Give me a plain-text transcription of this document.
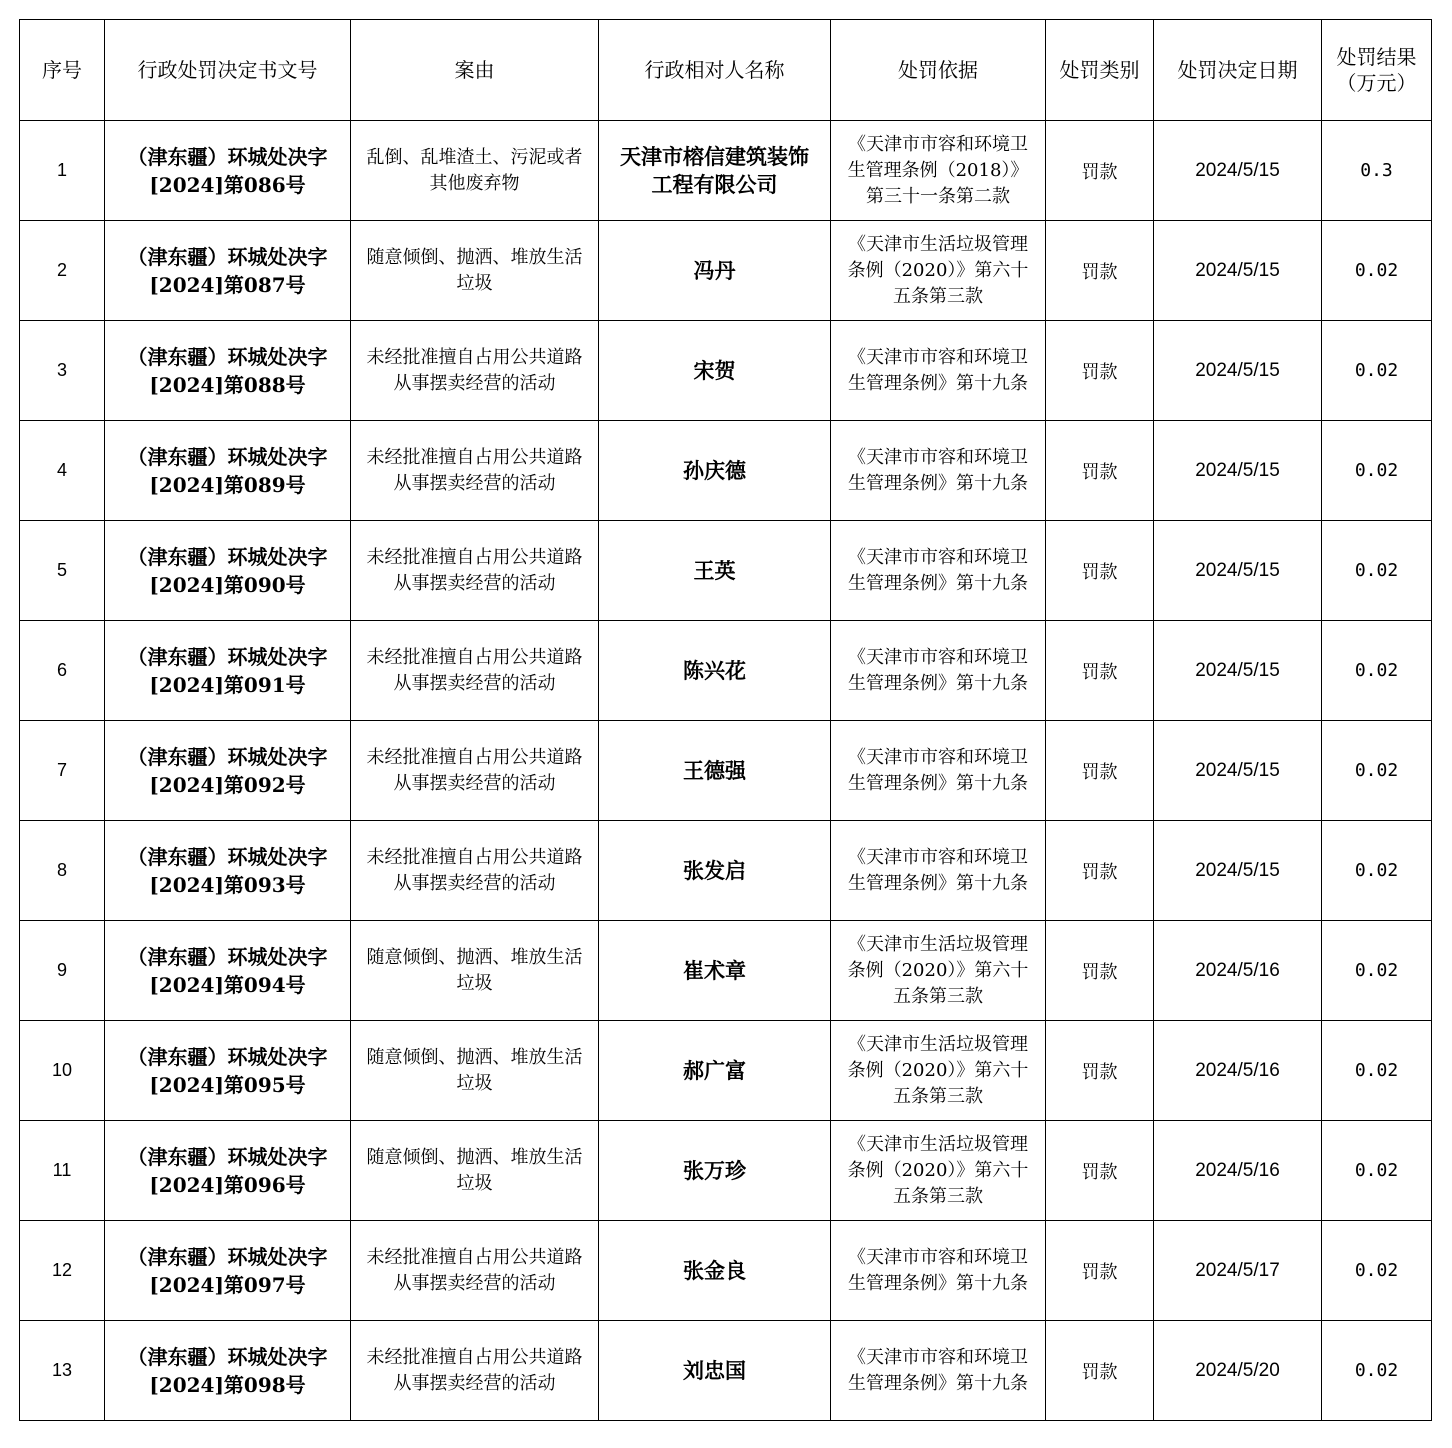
序号	行政处罚决定书文号	案由	行政相对人名称	处罚依据	处罚类别	处罚决定日期	处罚结果
（万元）

1	（津东疆）环城处决字
[2024]第086号	乱倒、乱堆渣土、污泥或者
其他废弃物	天津市榕信建筑装饰
工程有限公司	《天津市市容和环境卫
生管理条例（2018）》
第三十一条第二款	罚款	2024/5/15	0.3
2	（津东疆）环城处决字
[2024]第087号	随意倾倒、抛洒、堆放生活
垃圾	冯丹	《天津市生活垃圾管理
条例（2020）》第六十
五条第三款	罚款	2024/5/15	0.02
3	（津东疆）环城处决字
[2024]第088号	未经批准擅自占用公共道路
从事摆卖经营的活动	宋贺	《天津市市容和环境卫
生管理条例》第十九条	罚款	2024/5/15	0.02
4	（津东疆）环城处决字
[2024]第089号	未经批准擅自占用公共道路
从事摆卖经营的活动	孙庆德	《天津市市容和环境卫
生管理条例》第十九条	罚款	2024/5/15	0.02
5	（津东疆）环城处决字
[2024]第090号	未经批准擅自占用公共道路
从事摆卖经营的活动	王英	《天津市市容和环境卫
生管理条例》第十九条	罚款	2024/5/15	0.02
6	（津东疆）环城处决字
[2024]第091号	未经批准擅自占用公共道路
从事摆卖经营的活动	陈兴花	《天津市市容和环境卫
生管理条例》第十九条	罚款	2024/5/15	0.02
7	（津东疆）环城处决字
[2024]第092号	未经批准擅自占用公共道路
从事摆卖经营的活动	王德强	《天津市市容和环境卫
生管理条例》第十九条	罚款	2024/5/15	0.02
8	（津东疆）环城处决字
[2024]第093号	未经批准擅自占用公共道路
从事摆卖经营的活动	张发启	《天津市市容和环境卫
生管理条例》第十九条	罚款	2024/5/15	0.02
9	（津东疆）环城处决字
[2024]第094号	随意倾倒、抛洒、堆放生活
垃圾	崔术章	《天津市生活垃圾管理
条例（2020）》第六十
五条第三款	罚款	2024/5/16	0.02
10	（津东疆）环城处决字
[2024]第095号	随意倾倒、抛洒、堆放生活
垃圾	郝广富	《天津市生活垃圾管理
条例（2020）》第六十
五条第三款	罚款	2024/5/16	0.02
11	（津东疆）环城处决字
[2024]第096号	随意倾倒、抛洒、堆放生活
垃圾	张万珍	《天津市生活垃圾管理
条例（2020）》第六十
五条第三款	罚款	2024/5/16	0.02
12	（津东疆）环城处决字
[2024]第097号	未经批准擅自占用公共道路
从事摆卖经营的活动	张金良	《天津市市容和环境卫
生管理条例》第十九条	罚款	2024/5/17	0.02
13	（津东疆）环城处决字
[2024]第098号	未经批准擅自占用公共道路
从事摆卖经营的活动	刘忠国	《天津市市容和环境卫
生管理条例》第十九条	罚款	2024/5/20	0.02
